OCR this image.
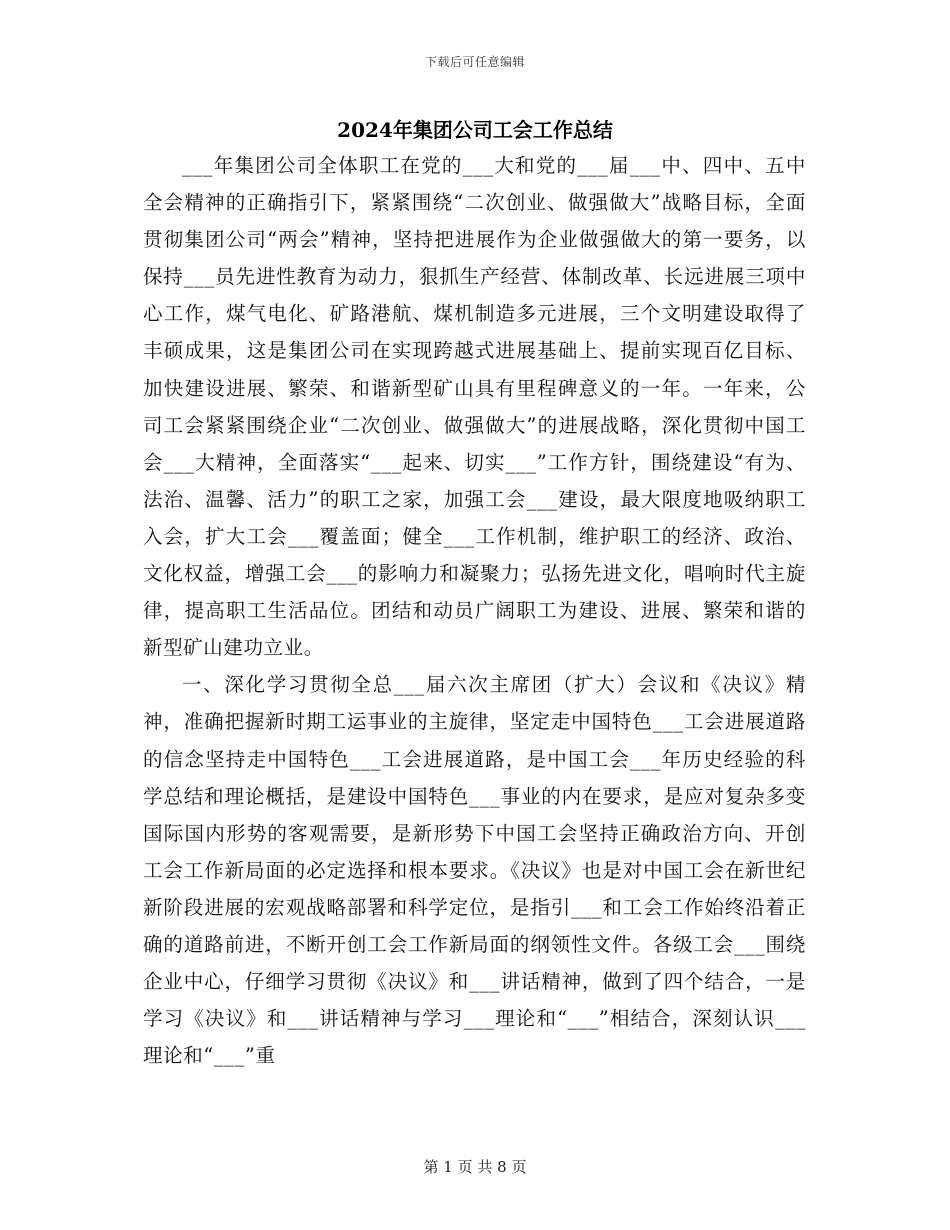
下载后可任意编辑
2024年集团公司工会工作总结

___年集团公司全体职工在党的___大和党的___届___中、四中、五中全会精神的正确指引下，紧紧围绕“二次创业、做强做大”战略目标，全面贯彻集团公司“两会”精神，坚持把进展作为企业做强做大的第一要务，以保持___员先进性教育为动力，狠抓生产经营、体制改革、长远进展三项中心工作，煤气电化、矿路港航、煤机制造多元进展，三个文明建设取得了丰硕成果，这是集团公司在实现跨越式进展基础上、提前实现百亿目标、加快建设进展、繁荣、和谐新型矿山具有里程碑意义的一年。一年来，公司工会紧紧围绕企业“二次创业、做强做大”的进展战略，深化贯彻中国工会___大精神，全面落实“___起来、切实___”工作方针，围绕建设“有为、法治、温馨、活力”的职工之家，加强工会___建设，最大限度地吸纳职工入会，扩大工会___覆盖面；健全___工作机制，维护职工的经济、政治、文化权益，增强工会___的影响力和凝聚力；弘扬先进文化，唱响时代主旋律，提高职工生活品位。团结和动员广阔职工为建设、进展、繁荣和谐的新型矿山建功立业。

一、深化学习贯彻全总___届六次主席团（扩大）会议和《决议》精神，准确把握新时期工运事业的主旋律，坚定走中国特色___工会进展道路的信念坚持走中国特色___工会进展道路，是中国工会___年历史经验的科学总结和理论概括，是建设中国特色___事业的内在要求，是应对复杂多变国际国内形势的客观需要，是新形势下中国工会坚持正确政治方向、开创工会工作新局面的必定选择和根本要求。《决议》也是对中国工会在新世纪新阶段进展的宏观战略部署和科学定位，是指引___和工会工作始终沿着正确的道路前进，不断开创工会工作新局面的纲领性文件。各级工会___围绕企业中心，仔细学习贯彻《决议》和___讲话精神，做到了四个结合，一是学习《决议》和___讲话精神与学习___理论和“___”相结合，深刻认识___理论和“___”重

第 1 页 共 8 页
